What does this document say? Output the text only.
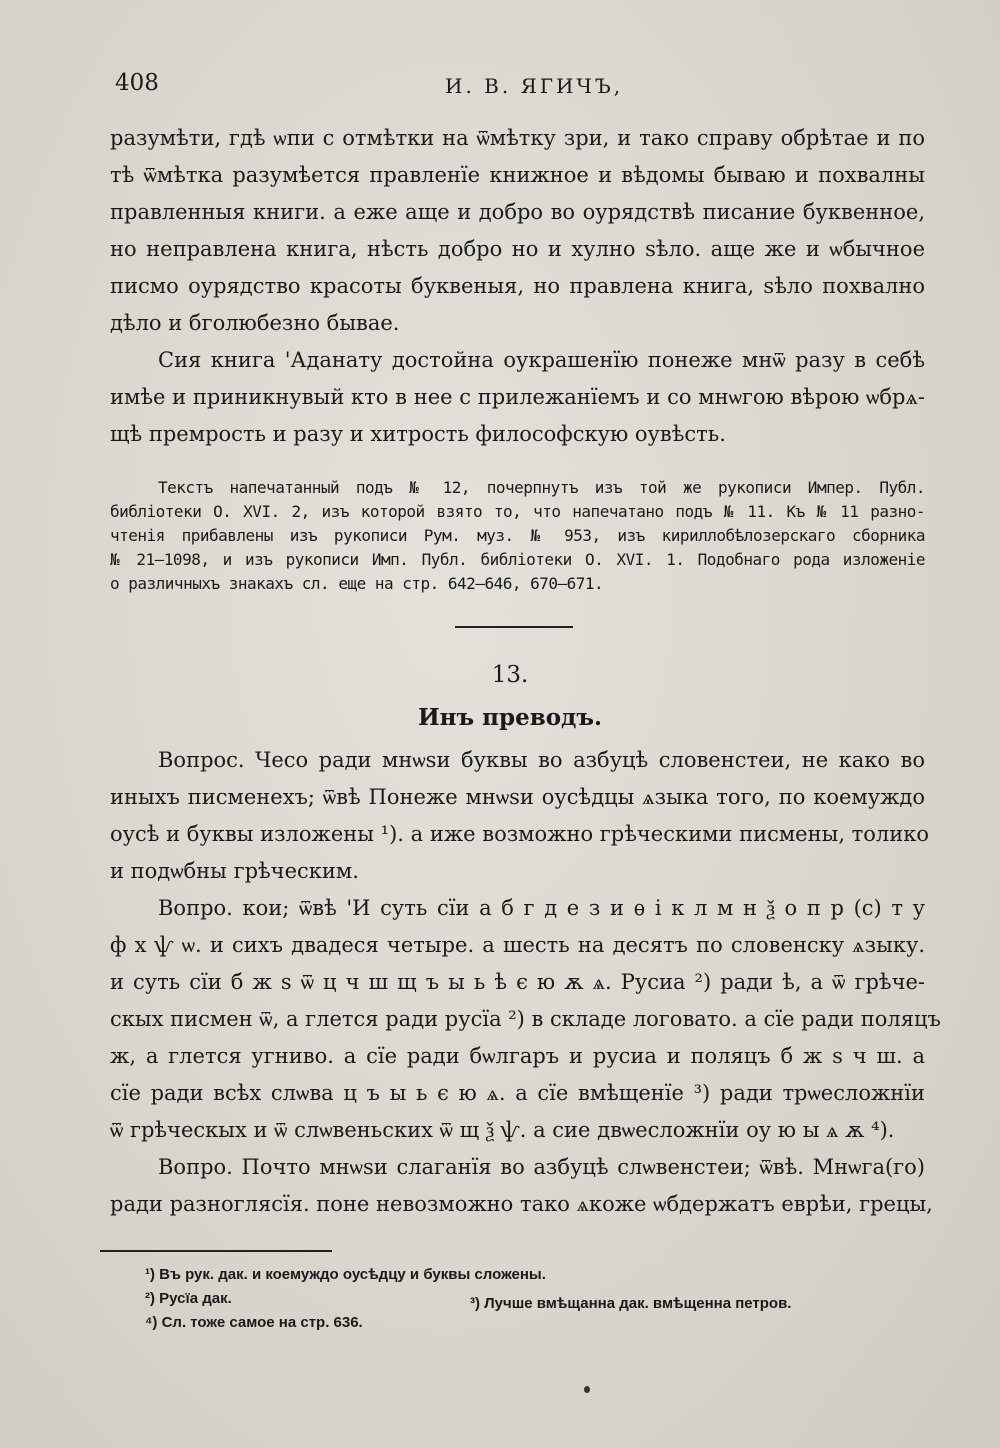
408	И. В. ЯГИЧЪ,
разумѣти, гдѣ ѡпи с отмѣтки на ѿмѣтку зри, и тако справу обрѣтае и по
тѣ ѿмѣтка разумѣется правленїе книжное и вѣдомы бываю и похвалны
правленныя книги. а еже аще и добро во оурядствѣ писание буквенное,
но неправлена книга, нѣсть добро но и хулно ѕѣло. аще же и ѡбычное
писмо оурядство красоты буквеныя, но правлена книга, ѕѣло похвално
дѣло и бголюбезно бывае.
Сия книга 'Аданату достойна оукрашенїю понеже мнѿ разу в себѣ
имѣе и приникнувый кто в нее с прилежанїемъ и со мнѡгою вѣрою ѡбрѧ-
щѣ премрость и разу и хитрость философскую оувѣсть.
Текстъ напечатанный подъ № 12, почерпнутъ изъ той же рукописи Импер. Публ.
библіотеки O. XVI. 2, изъ которой взято то, что напечатано подъ № 11. Къ № 11 разно-
чтенія прибавлены изъ рукописи Рум. муз. № 953, изъ кириллобѣлозерскаго сборника
№ 21—1098, и изъ рукописи Имп. Публ. библіотеки O. XVI. 1. Подобнаго рода изложеніе
о различныхъ знакахъ сл. еще на стр. 642—646, 670—671.
13.
Инъ преводъ.
Вопрос. Чесо ради мнѡѕи буквы во азбуцѣ словенстеи, не како во
иныхъ писменехъ; ѿвѣ Понеже мнѡѕи оусѣдцы ѧзыка того, по коемуждо
оусѣ и буквы изложены ¹). а иже возможно грѣческими писмены, толико
и подѡбны грѣческим.
Вопро. кои; ѿвѣ 'И суть сїи а б г д е з и ѳ і к л м н ѯ о п р (с) т у
ф х ѱ ѡ. и сихъ двадеся четыре. а шесть на десятъ по словенску ѧзыку.
и суть сїи б ж ѕ ѿ ц ч ш щ ъ ы ь ѣ є ю ѫ ѧ. Русиа ²) ради ѣ, а ѿ грѣче-
скых писмен ѿ, а глется ради русїа ²) в складе логовато. а сїе ради поляцъ
ж, а глется угниво. а сїе ради бѡлгаръ и русиа и поляцъ б ж ѕ ч ш. а
сїе ради всѣх слѡва ц ъ ы ь є ю ѧ. а сїе вмѣщенїе ³) ради трѡесложнїи
ѿ грѣческых и ѿ слѡвеньских ѿ щ ѯ ѱ. а сие двѡесложнїи оу ю ы ѧ ѫ ⁴).
Вопро. Почто мнѡѕи слаганїя во азбуцѣ слѡвенстеи; ѿвѣ. Мнѡга(го)
ради разноглясїя. поне невозможно тако ѧкоже ѡбдержатъ еврѣи, грецы,
¹) Въ рук. дак. и коемуждо оусѣдцу и буквы сложены.
²) Русїа дак.	³) Лучше вмѣщанна дак. вмѣщенна петров.
⁴) Сл. тоже самое на стр. 636.
